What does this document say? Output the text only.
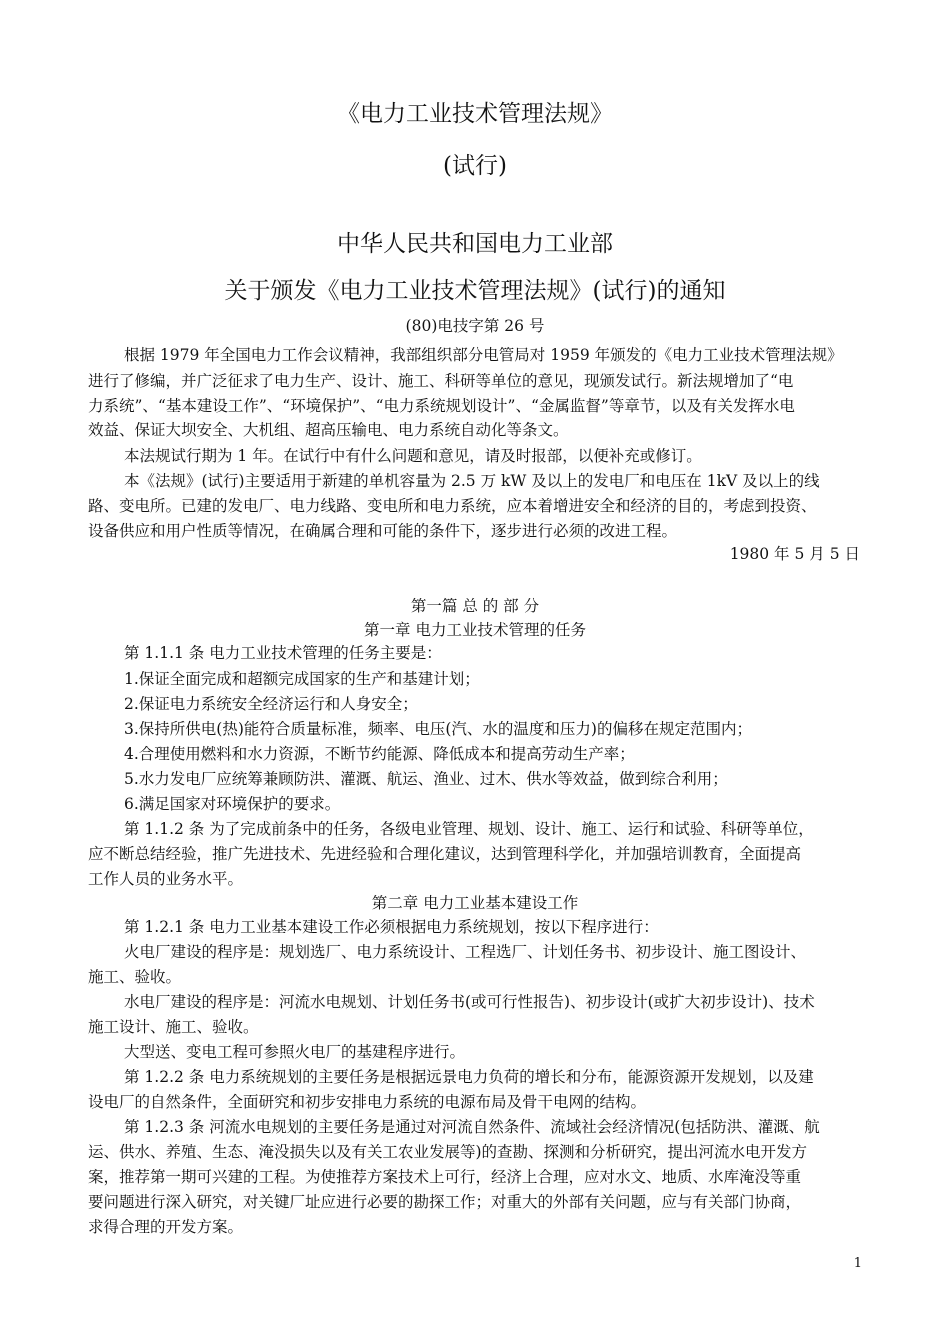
《电力工业技术管理法规》
(试行)
中华人民共和国电力工业部
关于颁发《电力工业技术管理法规》(试行)的通知
(80)电技字第 26 号
根据 1979 年全国电力工作会议精神，我部组织部分电管局对 1959 年颁发的《电力工业技术管理法规》
进行了修编，并广泛征求了电力生产、设计、施工、科研等单位的意见，现颁发试行。新法规增加了“电
力系统”、“基本建设工作”、“环境保护”、“电力系统规划设计”、“金属监督”等章节，以及有关发挥水电
效益、保证大坝安全、大机组、超高压输电、电力系统自动化等条文。
本法规试行期为 1 年。在试行中有什么问题和意见，请及时报部，以便补充或修订。
本《法规》(试行)主要适用于新建的单机容量为 2.5 万 kW 及以上的发电厂和电压在 1kV 及以上的线
路、变电所。已建的发电厂、电力线路、变电所和电力系统，应本着增进安全和经济的目的，考虑到投资、
设备供应和用户性质等情况，在确属合理和可能的条件下，逐步进行必须的改进工程。
1980 年 5 月 5 日
第一篇 总 的 部 分
第一章 电力工业技术管理的任务
第 1.1.1 条 电力工业技术管理的任务主要是：
1.保证全面完成和超额完成国家的生产和基建计划；
2.保证电力系统安全经济运行和人身安全；
3.保持所供电(热)能符合质量标准，频率、电压(汽、水的温度和压力)的偏移在规定范围内；
4.合理使用燃料和水力资源，不断节约能源、降低成本和提高劳动生产率；
5.水力发电厂应统筹兼顾防洪、灌溉、航运、渔业、过木、供水等效益，做到综合利用；
6.满足国家对环境保护的要求。
第 1.1.2 条 为了完成前条中的任务，各级电业管理、规划、设计、施工、运行和试验、科研等单位，
应不断总结经验，推广先进技术、先进经验和合理化建议，达到管理科学化，并加强培训教育，全面提高
工作人员的业务水平。
第二章 电力工业基本建设工作
第 1.2.1 条 电力工业基本建设工作必须根据电力系统规划，按以下程序进行：
火电厂建设的程序是：规划选厂、电力系统设计、工程选厂、计划任务书、初步设计、施工图设计、
施工、验收。
水电厂建设的程序是：河流水电规划、计划任务书(或可行性报告)、初步设计(或扩大初步设计)、技术
施工设计、施工、验收。
大型送、变电工程可参照火电厂的基建程序进行。
第 1.2.2 条 电力系统规划的主要任务是根据远景电力负荷的增长和分布，能源资源开发规划，以及建
设电厂的自然条件，全面研究和初步安排电力系统的电源布局及骨干电网的结构。
第 1.2.3 条 河流水电规划的主要任务是通过对河流自然条件、流域社会经济情况(包括防洪、灌溉、航
运、供水、养殖、生态、淹没损失以及有关工农业发展等)的查勘、探测和分析研究，提出河流水电开发方
案，推荐第一期可兴建的工程。为使推荐方案技术上可行，经济上合理，应对水文、地质、水库淹没等重
要问题进行深入研究，对关键厂址应进行必要的勘探工作；对重大的外部有关问题，应与有关部门协商，
求得合理的开发方案。
1
